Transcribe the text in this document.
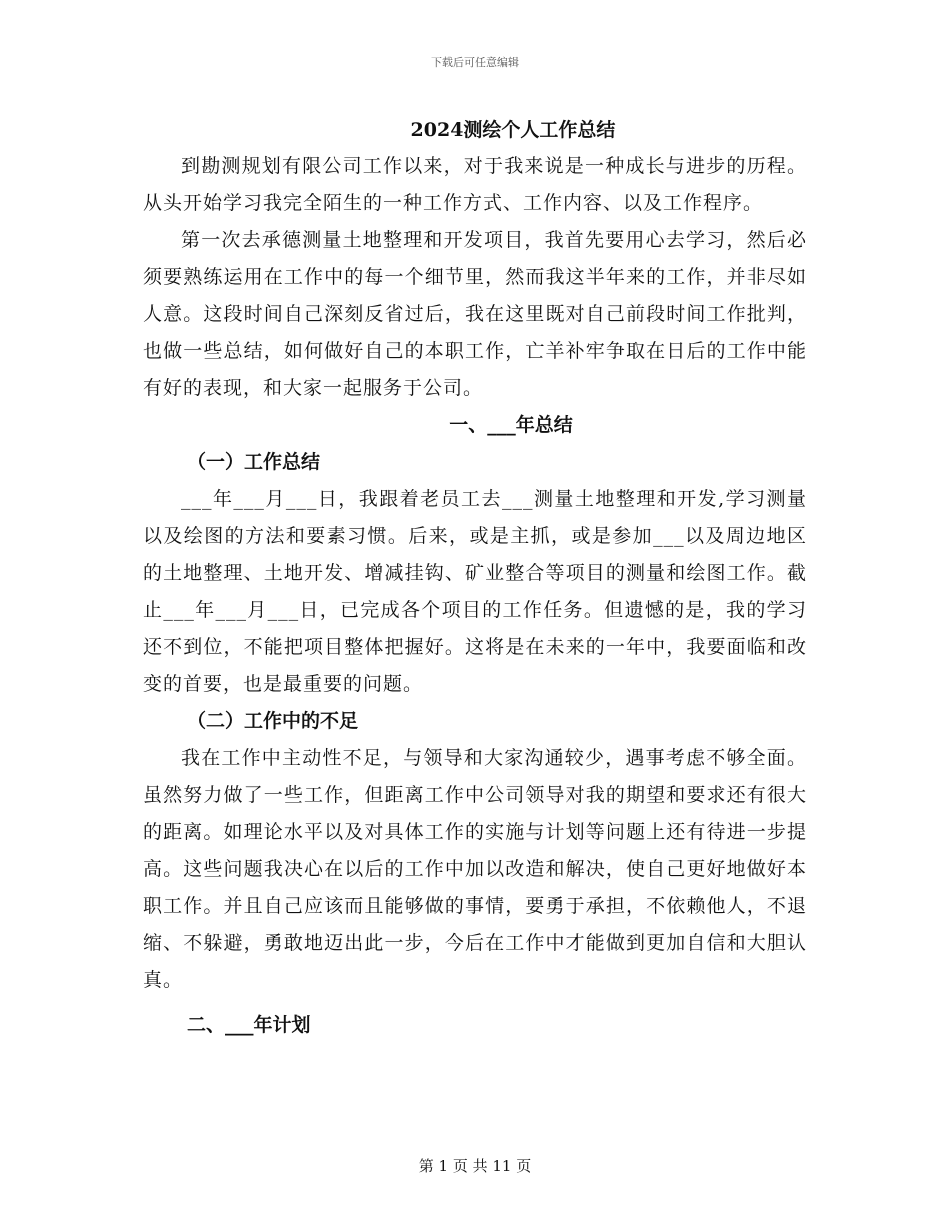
下载后可任意编辑
2024测绘个人工作总结

到勘测规划有限公司工作以来，对于我来说是一种成长与进步的历程。从头开始学习我完全陌生的一种工作方式、工作内容、以及工作程序。

第一次去承德测量土地整理和开发项目，我首先要用心去学习，然后必须要熟练运用在工作中的每一个细节里，然而我这半年来的工作，并非尽如人意。这段时间自己深刻反省过后，我在这里既对自己前段时间工作批判，也做一些总结，如何做好自己的本职工作，亡羊补牢争取在日后的工作中能有好的表现，和大家一起服务于公司。

一、___年总结
（一）工作总结

___年___月___日，我跟着老员工去___测量土地整理和开发,学习测量以及绘图的方法和要素习惯。后来，或是主抓，或是参加___以及周边地区的土地整理、土地开发、增减挂钩、矿业整合等项目的测量和绘图工作。截止___年___月___日，已完成各个项目的工作任务。但遗憾的是，我的学习还不到位，不能把项目整体把握好。这将是在未来的一年中，我要面临和改变的首要，也是最重要的问题。

（二）工作中的不足

我在工作中主动性不足，与领导和大家沟通较少，遇事考虑不够全面。虽然努力做了一些工作，但距离工作中公司领导对我的期望和要求还有很大的距离。如理论水平以及对具体工作的实施与计划等问题上还有待进一步提高。这些问题我决心在以后的工作中加以改造和解决，使自己更好地做好本职工作。并且自己应该而且能够做的事情，要勇于承担，不依赖他人，不退缩、不躲避，勇敢地迈出此一步，今后在工作中才能做到更加自信和大胆认真。

二、___年计划
第 1 页 共 11 页
